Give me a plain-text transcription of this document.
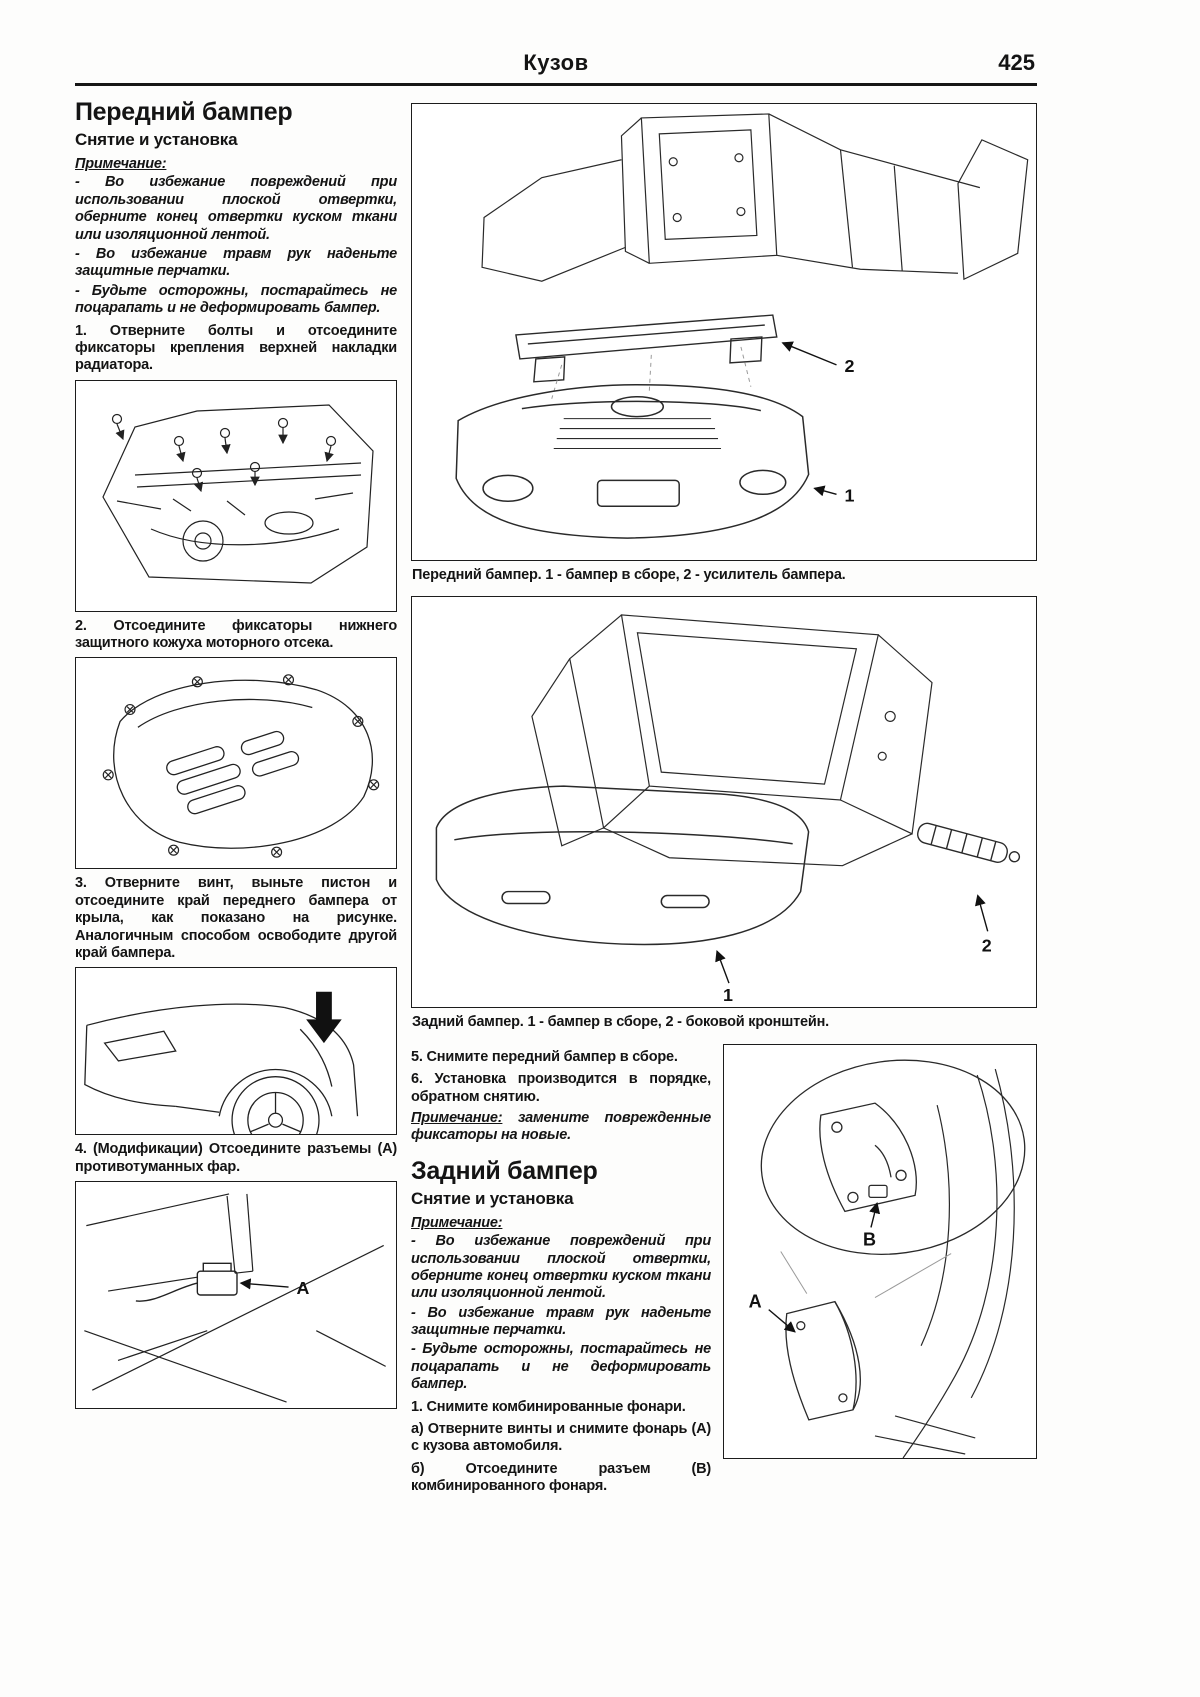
Кузов	425
Передний бампер
Снятие и установка

Примечание:

- Во избежание повреждений при использовании плоской отвертки, оберните конец отвертки куском ткани или изоляционной лентой.

- Во избежание травм рук наденьте защитные перчатки.

- Будьте осторожны, постарайтесь не поцарапать и не деформировать бампер.

1. Отверните болты и отсоедините фиксаторы крепления верхней накладки радиатора.

2. Отсоедините фиксаторы нижнего защитного кожуха моторного отсека.

3. Отверните винт, выньте пистон и отсоедините край переднего бампера от крыла, как показано на рисунке. Аналогичным способом освободите другой край бампера.

4. (Модификации) Отсоедините разъемы (А) противотуманных фар.

A
2
1
Передний бампер. 1 - бампер в сборе, 2 - усилитель бампера.
1
2
Задний бампер. 1 - бампер в сборе, 2 - боковой кронштейн.

5. Снимите передний бампер в сборе.

6. Установка производится в порядке, обратном снятию.

Примечание: замените поврежденные фиксаторы на новые.

Задний бампер
Снятие и установка

Примечание:

- Во избежание повреждений при использовании плоской отвертки, оберните конец отвертки куском ткани или изоляционной лентой.

- Во избежание травм рук наденьте защитные перчатки.

- Будьте осторожны, постарайтесь не поцарапать и не деформировать бампер.

1. Снимите комбинированные фонари.

а) Отверните винты и снимите фонарь (А) с кузова автомобиля.

б) Отсоедините разъем (В) комбинированного фонаря.

B
A
